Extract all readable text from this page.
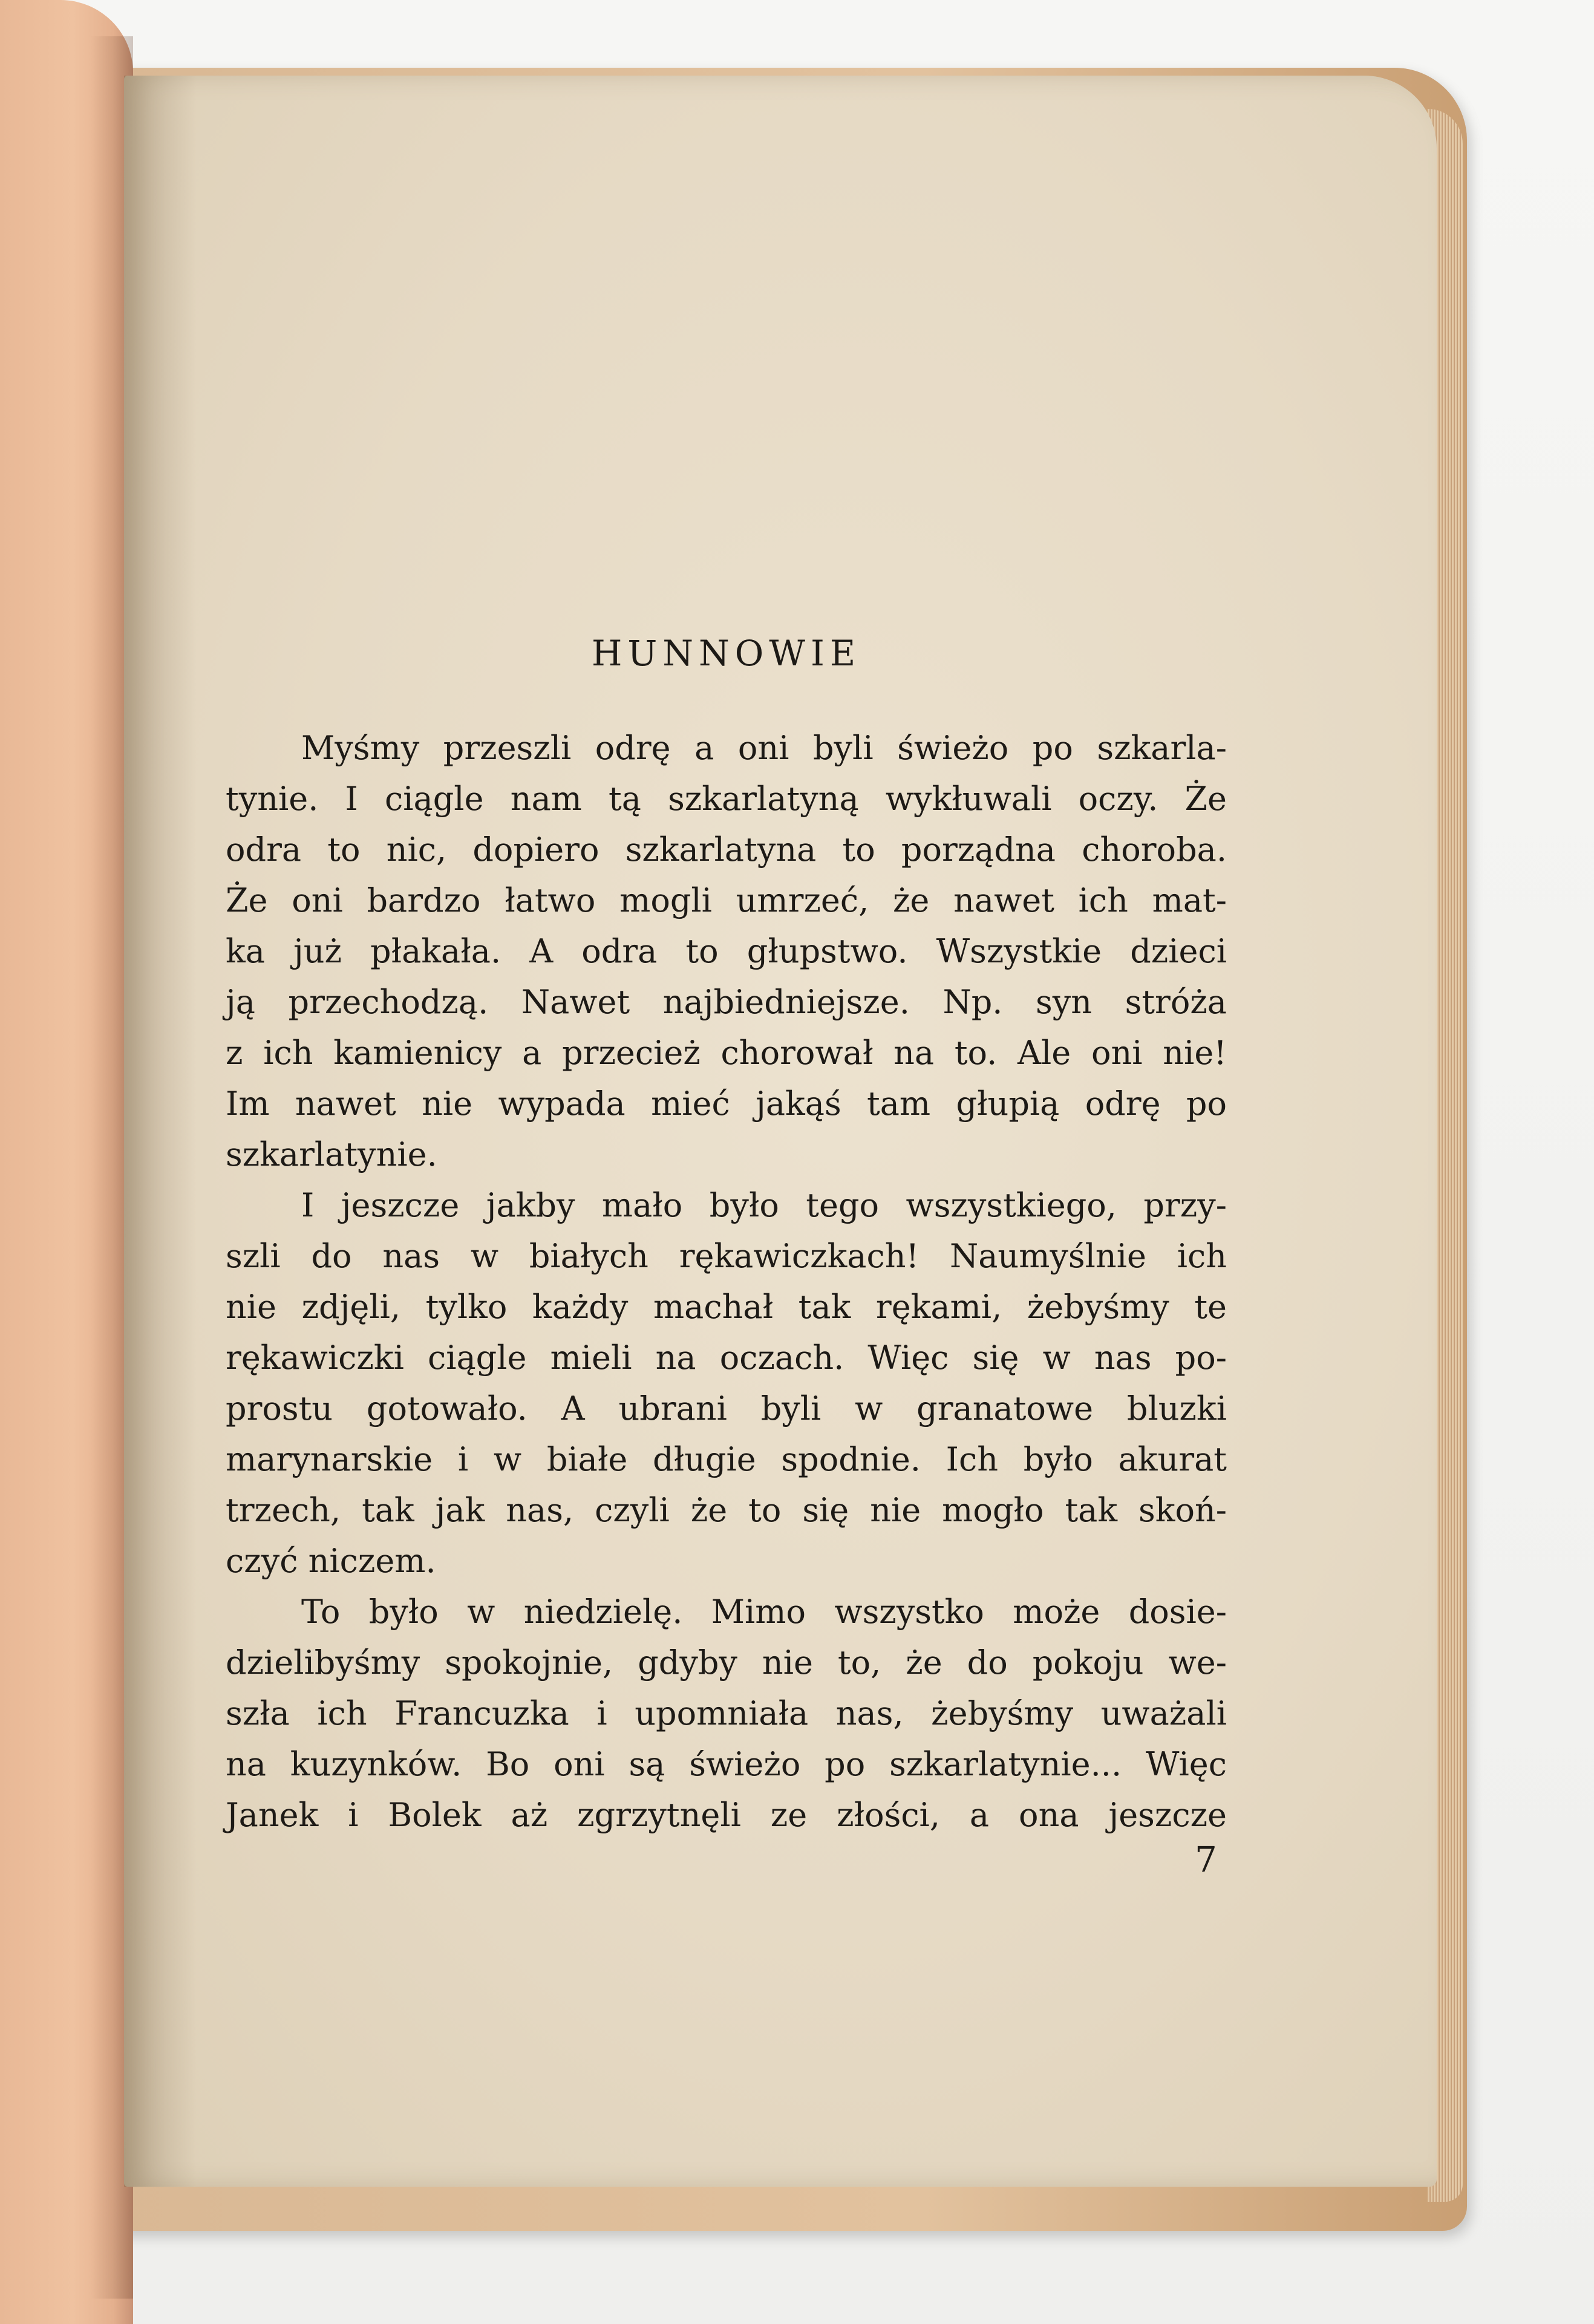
HUNNOWIE
Myśmy przeszli odrę a oni byli świeżo po szkarla-
tynie. I ciągle nam tą szkarlatyną wykłuwali oczy. Że
odra to nic, dopiero szkarlatyna to porządna choroba.
Że oni bardzo łatwo mogli umrzeć, że nawet ich mat-
ka już płakała. A odra to głupstwo. Wszystkie dzieci
ją przechodzą. Nawet najbiedniejsze. Np. syn stróża
z ich kamienicy a przecież chorował na to. Ale oni nie!
Im nawet nie wypada mieć jakąś tam głupią odrę po
szkarlatynie.
I jeszcze jakby mało było tego wszystkiego, przy-
szli do nas w białych rękawiczkach! Naumyślnie ich
nie zdjęli, tylko każdy machał tak rękami, żebyśmy te
rękawiczki ciągle mieli na oczach. Więc się w nas po-
prostu gotowało. A ubrani byli w granatowe bluzki
marynarskie i w białe długie spodnie. Ich było akurat
trzech, tak jak nas, czyli że to się nie mogło tak skoń-
czyć niczem.
To było w niedzielę. Mimo wszystko może dosie-
dzielibyśmy spokojnie, gdyby nie to, że do pokoju we-
szła ich Francuzka i upomniała nas, żebyśmy uważali
na kuzynków. Bo oni są świeżo po szkarlatynie... Więc
Janek i Bolek aż zgrzytnęli ze złości, a ona jeszcze
7
